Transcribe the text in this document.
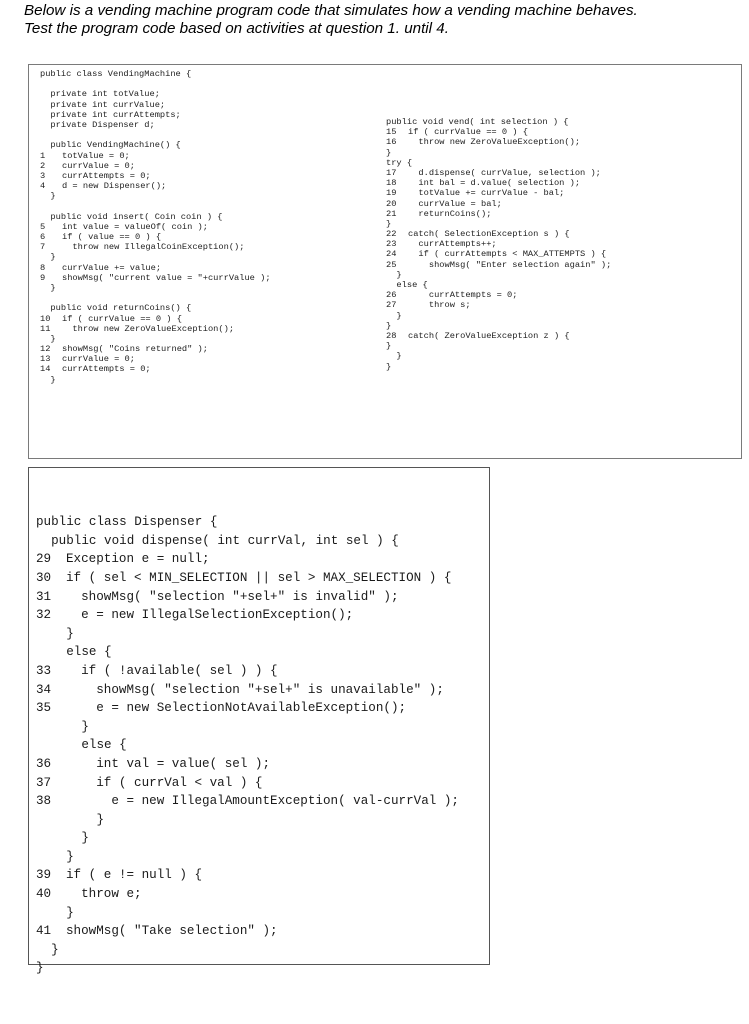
Below is a vending machine program code that simulates how a vending machine behaves.
Test the program code based on activities at question 1. until 4.
public class VendingMachine {
private int totValue;
private int currValue;
private int currAttempts;
private Dispenser d;
public VendingMachine() {
1 totValue = 0;
2 currValue = 0;
3 currAttempts = 0;
4 d = new Dispenser();
}
public void insert( Coin coin ) {
5 int value = valueOf( coin );
6 if ( value == 0 ) {
7  throw new IllegalCoinException();
}
8 currValue += value;
9 showMsg( "current value = "+currValue );
}
public void returnCoins() {
10 if ( currValue == 0 ) {
11  throw new ZeroValueException();
}
12 showMsg( "Coins returned" );
13 currValue = 0;
14 currAttempts = 0;
}
public void vend( int selection ) {
15 if ( currValue == 0 ) {
16  throw new ZeroValueException();
}
try {
17  d.dispense( currValue, selection );
18  int bal = d.value( selection );
19  totValue += currValue - bal;
20  currValue = bal;
21  returnCoins();
}
22 catch( SelectionException s ) {
23  currAttempts++;
24  if ( currAttempts < MAX_ATTEMPTS ) {
25    showMsg( "Enter selection again" );
}
else {
26    currAttempts = 0;
27    throw s;
}
}
28 catch( ZeroValueException z ) {
}
}
}
public class Dispenser {
public void dispense( int currVal, int sel ) {
29 Exception e = null;
30 if ( sel < MIN_SELECTION || sel > MAX_SELECTION ) {
31  showMsg( "selection "+sel+" is invalid" );
32  e = new IllegalSelectionException();
}
else {
33  if ( !available( sel ) ) {
34    showMsg( "selection "+sel+" is unavailable" );
35    e = new SelectionNotAvailableException();
}
else {
36    int val = value( sel );
37    if ( currVal < val ) {
38      e = new IllegalAmountException( val-currVal );
}
}
}
39 if ( e != null ) {
40  throw e;
}
41 showMsg( "Take selection" );
}
}
